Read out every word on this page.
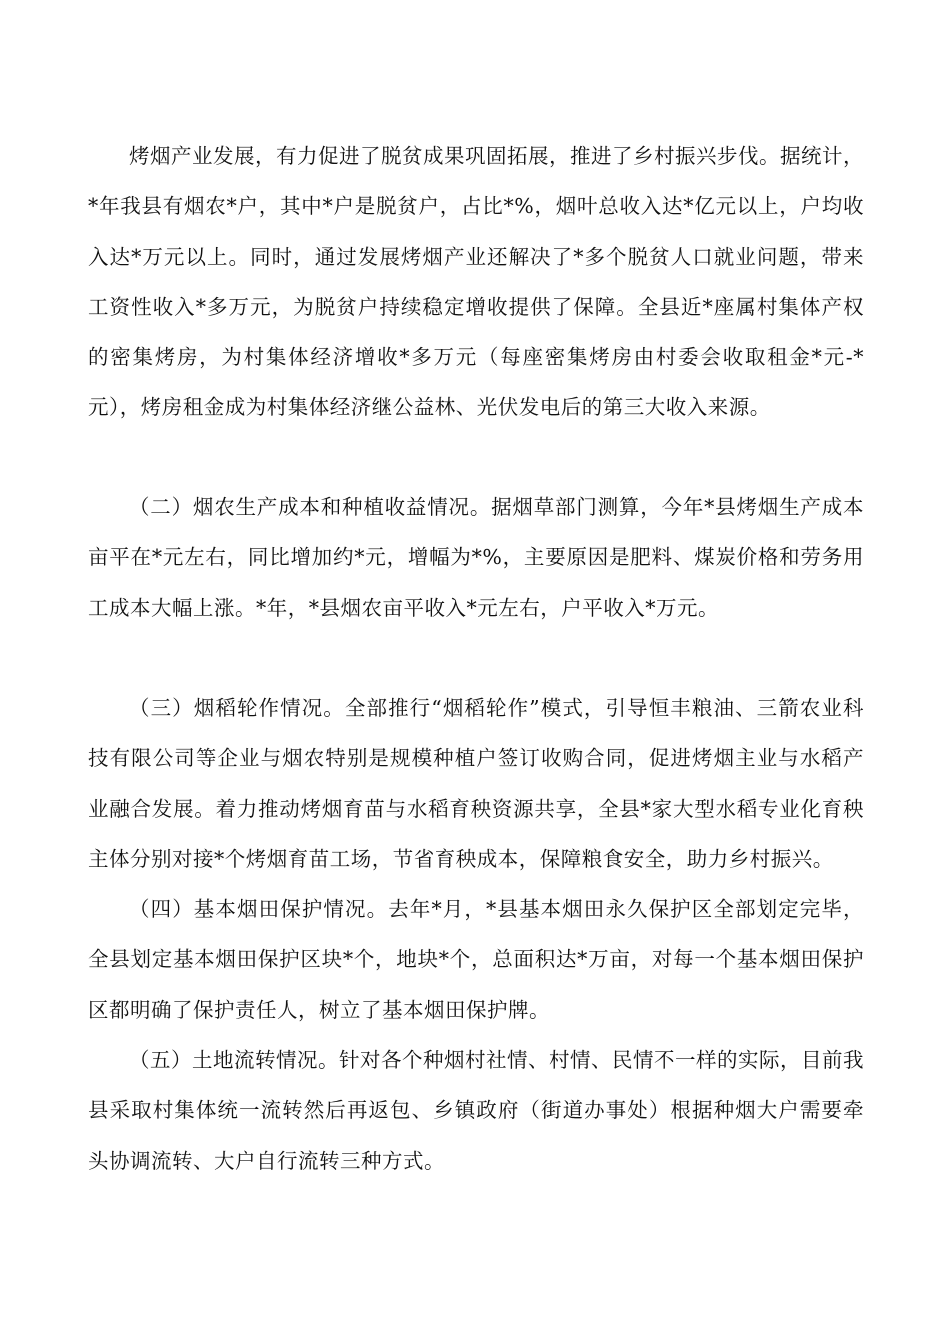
烤烟产业发展，有力促进了脱贫成果巩固拓展，推进了乡村振兴步伐。据统计，*年我县有烟农*户，其中*户是脱贫户，占比*%，烟叶总收入达*亿元以上，户均收入达*万元以上。同时，通过发展烤烟产业还解决了*多个脱贫人口就业问题，带来工资性收入*多万元，为脱贫户持续稳定增收提供了保障。全县近*座属村集体产权的密集烤房，为村集体经济增收*多万元（每座密集烤房由村委会收取租金*元-*元），烤房租金成为村集体经济继公益林、光伏发电后的第三大收入来源。

（二）烟农生产成本和种植收益情况。据烟草部门测算，今年*县烤烟生产成本亩平在*元左右，同比增加约*元，增幅为*%，主要原因是肥料、煤炭价格和劳务用工成本大幅上涨。*年，*县烟农亩平收入*元左右，户平收入*万元。

（三）烟稻轮作情况。全部推行“烟稻轮作”模式，引导恒丰粮油、三箭农业科技有限公司等企业与烟农特别是规模种植户签订收购合同，促进烤烟主业与水稻产业融合发展。着力推动烤烟育苗与水稻育秧资源共享，全县*家大型水稻专业化育秧主体分别对接*个烤烟育苗工场，节省育秧成本，保障粮食安全，助力乡村振兴。

（四）基本烟田保护情况。去年*月，*县基本烟田永久保护区全部划定完毕，全县划定基本烟田保护区块*个，地块*个，总面积达*万亩，对每一个基本烟田保护区都明确了保护责任人，树立了基本烟田保护牌。

（五）土地流转情况。针对各个种烟村社情、村情、民情不一样的实际，目前我县采取村集体统一流转然后再返包、乡镇政府（街道办事处）根据种烟大户需要牵头协调流转、大户自行流转三种方式。
